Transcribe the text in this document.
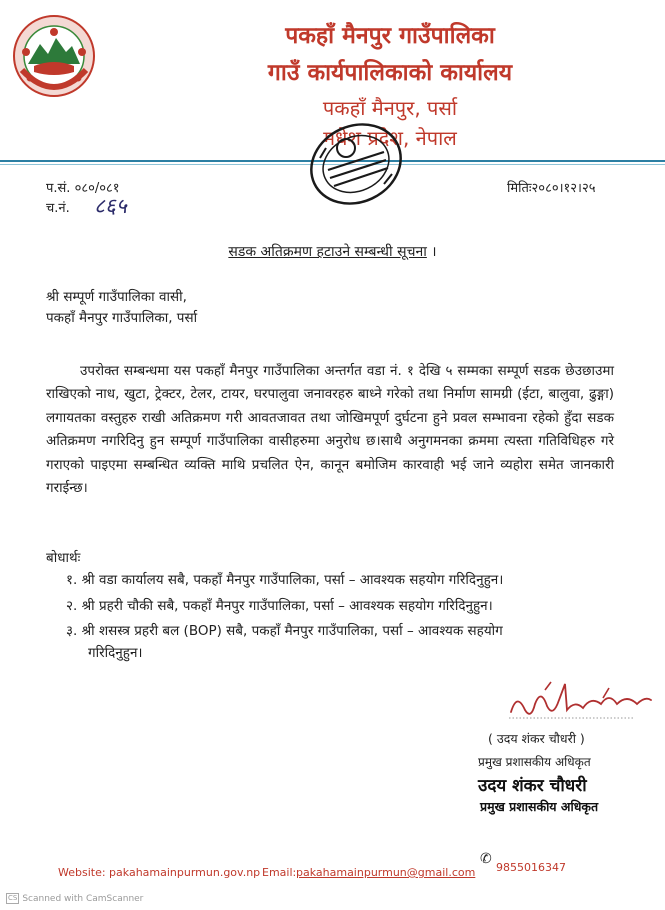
पकहाँ मैनपुर गाउँपालिका
गाउँ कार्यपालिकाको कार्यालय
पकहाँ मैनपुर, पर्सा
मधेश प्रदेश, नेपाल
प.सं. ०८०/०८१
च.नं. ८६५
मितिः२०८०।१२।२५
सडक अतिक्रमण हटाउने सम्बन्धी सूचना ।
श्री सम्पूर्ण गाउँपालिका वासी,
पकहाँ मैनपुर गाउँपालिका, पर्सा
उपरोक्त सम्बन्धमा यस पकहाँ मैनपुर गाउँपालिका अन्तर्गत वडा नं. १ देखि ५ सम्मका सम्पूर्ण सडक छेउछाउमा राखिएको नाध, खुटा, ट्रेक्टर, टेलर, टायर, घरपालुवा जनावरहरु बाध्ने गरेको तथा निर्माण सामग्री (ईटा, बालुवा, ढुङ्गा) लगायतका वस्तुहरु राखी अतिक्रमण गरी आवतजावत तथा जोखिमपूर्ण दुर्घटना हुने प्रवल सम्भावना रहेको हुँदा सडक अतिक्रमण नगरिदिनु हुन सम्पूर्ण गाउँपालिका वासीहरुमा अनुरोध छ।साथै अनुगमनका क्रममा त्यस्ता गतिविधिहरु गरे गराएको पाइएमा सम्बन्धित व्यक्ति माथि प्रचलित ऐन, कानून बमोजिम कारवाही भई जाने व्यहोरा समेत जानकारी गराईन्छ।
बोधार्थः
१. श्री वडा कार्यालय सबै, पकहाँ मैनपुर गाउँपालिका, पर्सा – आवश्यक सहयोग गरिदिनुहुन।
२. श्री प्रहरी चौकी सबै, पकहाँ मैनपुर गाउँपालिका, पर्सा – आवश्यक सहयोग गरिदिनुहुन।
३. श्री शसस्त्र प्रहरी बल (BOP) सबै, पकहाँ मैनपुर गाउँपालिका, पर्सा – आवश्यक सहयोग
गरिदिनुहुन।
( उदय शंकर चौधरी )
प्रमुख प्रशासकीय अधिकृत
उदय शंकर चौधरी
प्रमुख प्रशासकीय अधिकृत
Website: pakahamainpurmun.gov.np Email: pakahamainpurmun@gmail.com
✆
9855016347
CS Scanned with CamScanner
